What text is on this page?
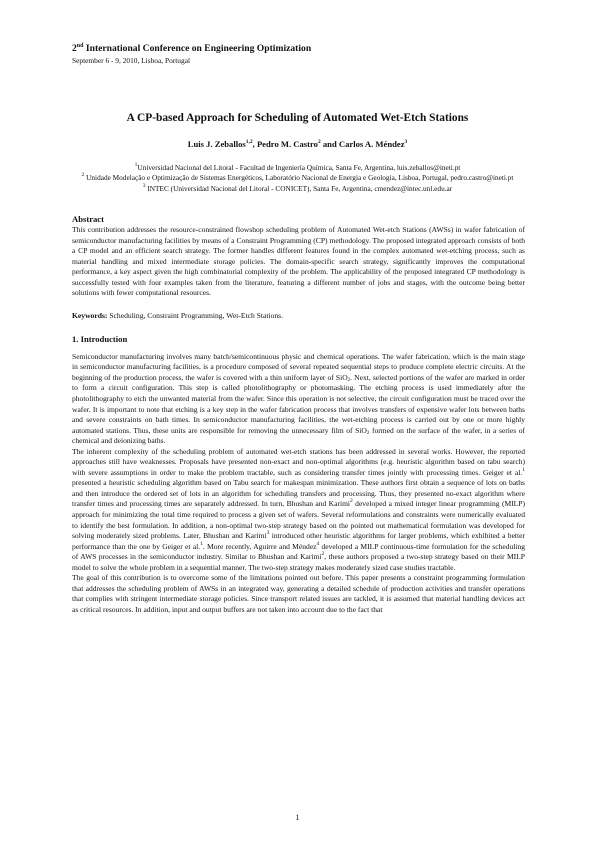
2nd International Conference on Engineering Optimization
September 6 - 9, 2010, Lisboa, Portugal
A CP-based Approach for Scheduling of Automated Wet-Etch Stations
Luis J. Zeballos$^{1,2}$, Pedro M. Castro$^2$ and Carlos A. Méndez$^3$
$^1$Universidad Nacional del Litoral - Facultad de Ingeniería Química, Santa Fe, Argentina, luis.zeballos@ineti.pt
$^2$ Unidade Modelação e Optimização de Sistemas Energéticos, Laboratório Nacional de Energia e Geologia, Lisboa, Portugal, pedro.castro@ineti.pt
$^3$ INTEC (Universidad Nacional del Litoral - CONICET), Santa Fe, Argentina, cmendez@intec.unl.edu.ar
Abstract

This contribution addresses the resource-constrained flowshop scheduling problem of Automated Wet-etch Stations (AWSs) in wafer fabrication of semiconductor manufacturing facilities by means of a Constraint Programming (CP) methodology. The proposed integrated approach consists of both a CP model and an efficient search strategy. The former handles different features found in the complex automated wet-etching process, such as material handling and mixed intermediate storage policies. The domain-specific search strategy, significantly improves the computational performance, a key aspect given the high combinatorial complexity of the problem. The applicability of the proposed integrated CP methodology is successfully tested with four examples taken from the literature, featuring a different number of jobs and stages, with the outcome being better solutions with fewer computational resources.

Keywords: Scheduling, Constraint Programming, Wet-Etch Stations.
1. Introduction

Semiconductor manufacturing involves many batch/semicontinuous physic and chemical operations. The wafer fabrication, which is the main stage in semiconductor manufacturing facilities, is a procedure composed of several repeated sequential steps to produce complete electric circuits. At the beginning of the production process, the wafer is covered with a thin uniform layer of SiO$_2$. Next, selected portions of the wafer are marked in order to form a circuit configuration. This step is called photolithography or photomasking. The etching process is used immediately after the photolithography to etch the unwanted material from the wafer. Since this operation is not selective, the circuit configuration must be traced over the wafer. It is important to note that etching is a key step in the wafer fabrication process that involves transfers of expensive wafer lots between baths and severe constraints on bath times. In semiconductor manufacturing facilities, the wet-etching process is carried out by one or more highly automated stations. Thus, these units are responsible for removing the unnecessary film of SiO$_2$ formed on the surface of the wafer, in a series of chemical and deionizing baths.

The inherent complexity of the scheduling problem of automated wet-etch stations has been addressed in several works. However, the reported approaches still have weaknesses. Proposals have presented non-exact and non-optimal algorithms (e.g. heuristic algorithm based on tabu search) with severe assumptions in order to make the problem tractable, such as considering transfer times jointly with processing times. Geiger et al.$^1$ presented a heuristic scheduling algorithm based on Tabu search for makespan minimization. These authors first obtain a sequence of lots on baths and then introduce the ordered set of lots in an algorithm for scheduling transfers and processing. Thus, they presented no-exact algorithm where transfer times and processing times are separately addressed. In turn, Bhushan and Karimi$^2$ developed a mixed integer linear programming (MILP) approach for minimizing the total time required to process a given set of wafers. Several reformulations and constraints were numerically evaluated to identify the best formulation. In addition, a non-optimal two-step strategy based on the pointed out mathematical formulation was developed for solving moderately sized problems. Later, Bhushan and Karimi$^3$ introduced other heuristic algorithms for larger problems, which exhibited a better performance than the one by Geiger et al.$^1$. More recently, Aguirre and Méndez$^4$ developed a MILP continuous-time formulation for the scheduling of AWS processes in the semiconductor industry. Similar to Bhushan and Karimi$^2$, these authors proposed a two-step strategy based on their MILP model to solve the whole problem in a sequential manner. The two-step strategy makes moderately sized case studies tractable.

The goal of this contribution is to overcome some of the limitations pointed out before. This paper presents a constraint programming formulation that addresses the scheduling problem of AWSs in an integrated way, generating a detailed schedule of production activities and transfer operations that complies with stringent intermediate storage policies. Since transport related issues are tackled, it is assumed that material handling devices act as critical resources. In addition, input and output buffers are not taken into account due to the fact that

1
